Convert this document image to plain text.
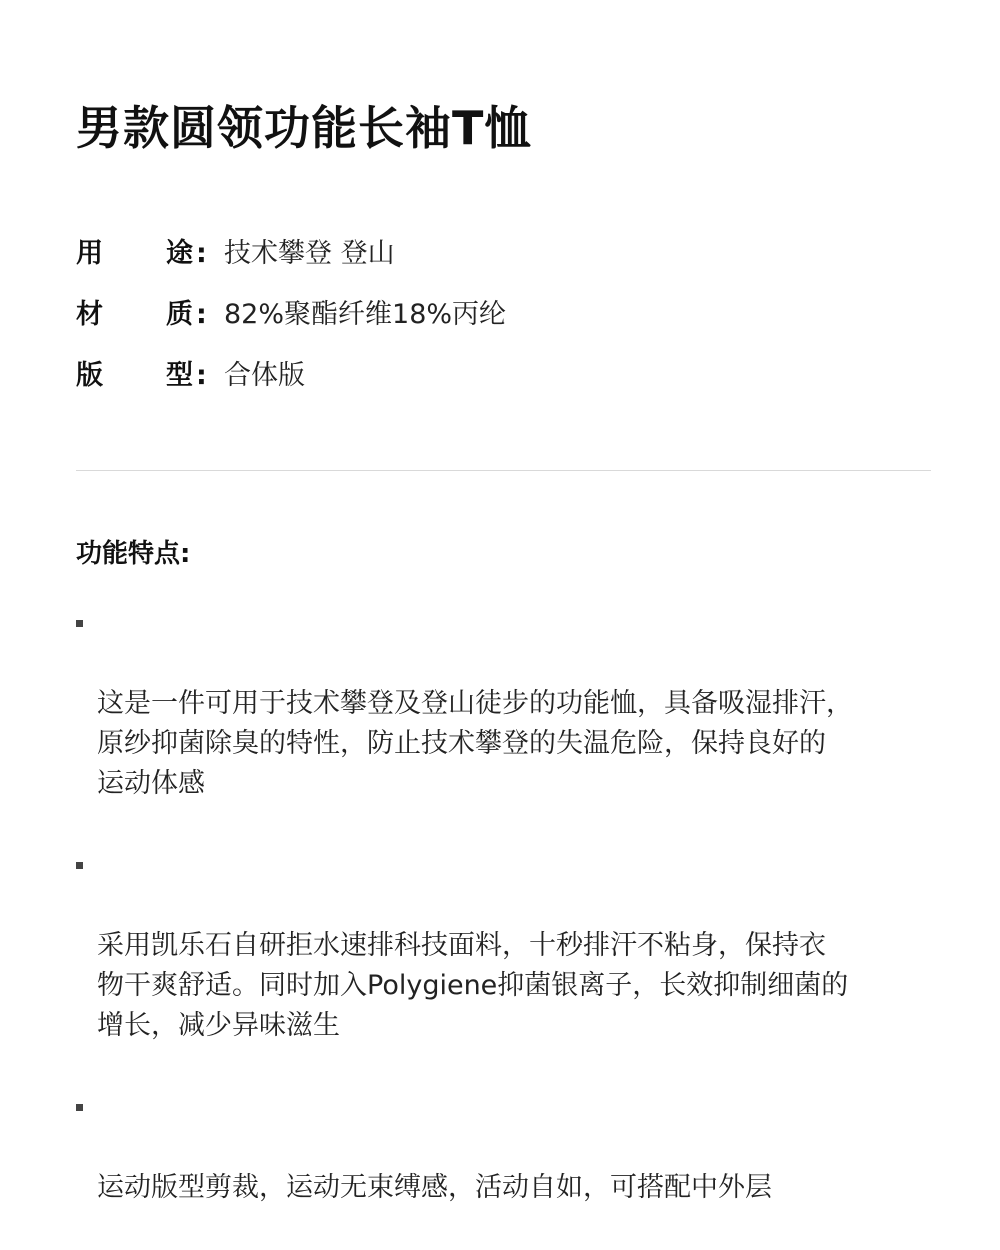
男款圆领功能长袖T恤
用 途 : 技术攀登 登山
材 质 : 82%聚酯纤维18%丙纶
版 型 : 合体版
功能特点:

这是一件可用于技术攀登及登山徒步的功能恤，具备吸湿排汗，
原纱抑菌除臭的特性，防止技术攀登的失温危险，保持良好的
运动体感

采用凯乐石自研拒水速排科技面料，十秒排汗不粘身，保持衣
物干爽舒适。同时加入Polygiene抑菌银离子，长效抑制细菌的
增长，减少异味滋生

运动版型剪裁，运动无束缚感，活动自如，可搭配中外层
